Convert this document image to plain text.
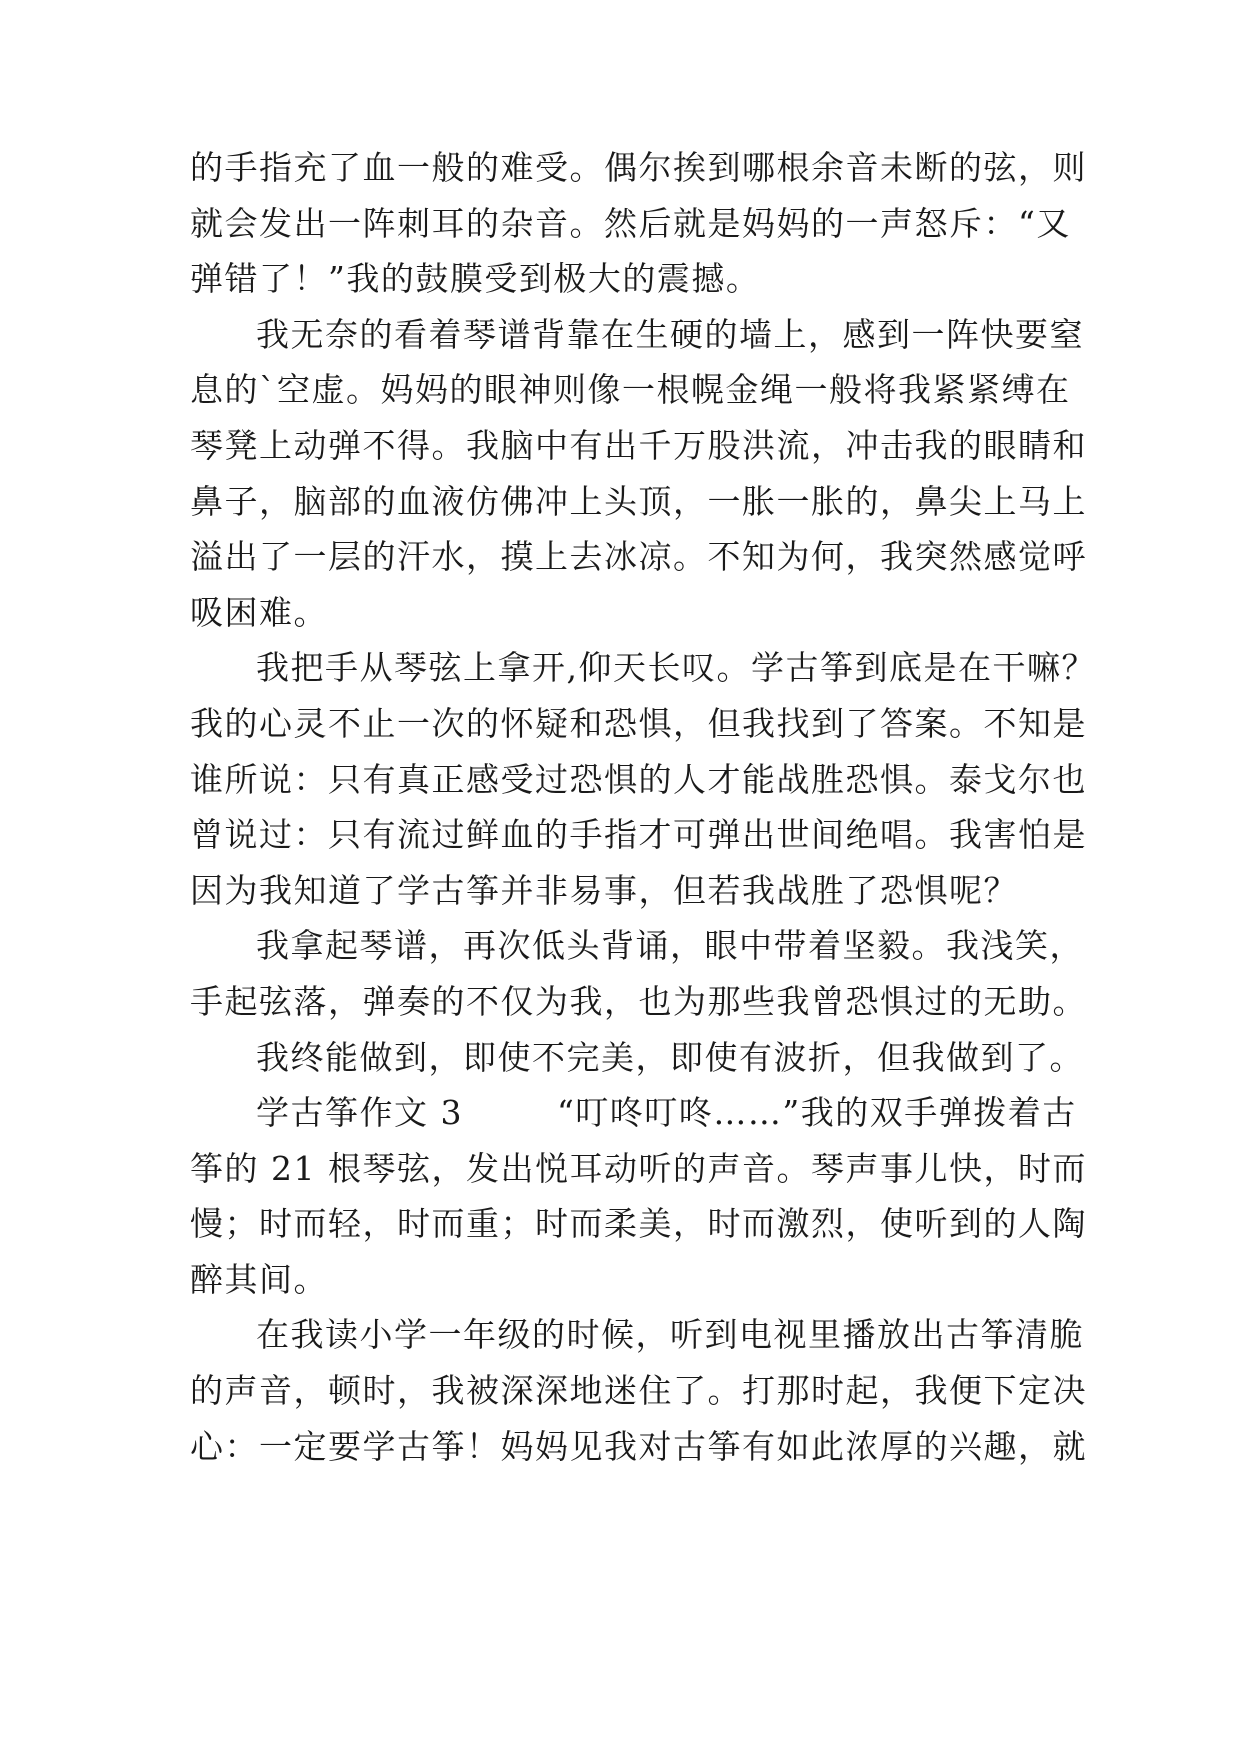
的手指充了血一般的难受。偶尔挨到哪根余音未断的弦，则
就会发出一阵刺耳的杂音。然后就是妈妈的一声怒斥：“又
弹错了！”我的鼓膜受到极大的震撼。
我无奈的看着琴谱背靠在生硬的墙上，感到一阵快要窒
息的`空虚。妈妈的眼神则像一根幌金绳一般将我紧紧缚在
琴凳上动弹不得。我脑中有出千万股洪流，冲击我的眼睛和
鼻子，脑部的血液仿佛冲上头顶，一胀一胀的，鼻尖上马上
溢出了一层的汗水，摸上去冰凉。不知为何，我突然感觉呼
吸困难。
我把手从琴弦上拿开,仰天长叹。学古筝到底是在干嘛？
我的心灵不止一次的怀疑和恐惧，但我找到了答案。不知是
谁所说：只有真正感受过恐惧的人才能战胜恐惧。泰戈尔也
曾说过：只有流过鲜血的手指才可弹出世间绝唱。我害怕是
因为我知道了学古筝并非易事，但若我战胜了恐惧呢？
我拿起琴谱，再次低头背诵，眼中带着坚毅。我浅笑，
手起弦落，弹奏的不仅为我，也为那些我曾恐惧过的无助。
我终能做到，即使不完美，即使有波折，但我做到了。
学古筝作文 3	“叮咚叮咚……”我的双手弹拨着古
筝的 21 根琴弦，发出悦耳动听的声音。琴声事儿快，时而
慢；时而轻，时而重；时而柔美，时而激烈，使听到的人陶
醉其间。
在我读小学一年级的时候，听到电视里播放出古筝清脆
的声音，顿时，我被深深地迷住了。打那时起，我便下定决
心：一定要学古筝！妈妈见我对古筝有如此浓厚的兴趣，就
